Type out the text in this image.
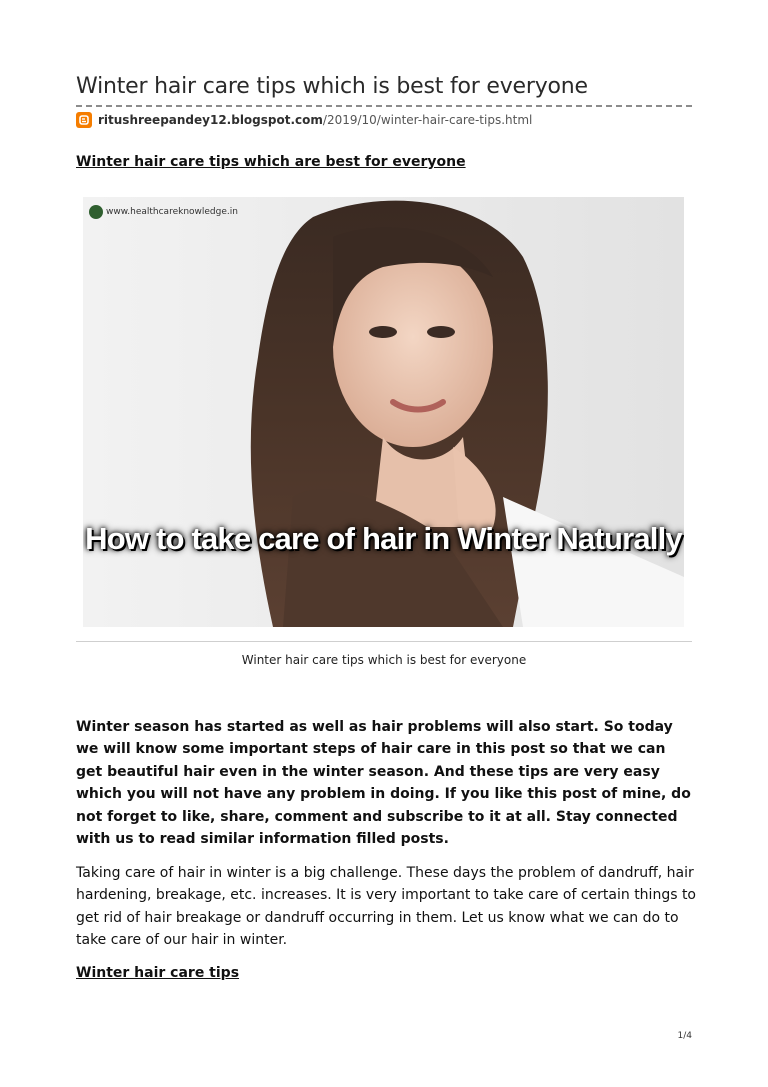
Winter hair care tips which is best for everyone
ritushreepandey12.blogspot.com/2019/10/winter-hair-care-tips.html
Winter hair care tips which are best for everyone
www.healthcareknowledge.in
How to take care of hair in Winter Naturally

Winter hair care tips which is best for everyone

Winter season has started as well as hair problems will also start. So today we will know some important steps of hair care in this post so that we can get beautiful hair even in the winter season. And these tips are very easy which you will not have any problem in doing. If you like this post of mine, do not forget to like, share, comment and subscribe to it at all. Stay connected with us to read similar information filled posts.

Taking care of hair in winter is a big challenge. These days the problem of dandruff, hair hardening, breakage, etc. increases. It is very important to take care of certain things to get rid of hair breakage or dandruff occurring in them. Let us know what we can do to take care of our hair in winter.

Winter hair care tips
1/4
